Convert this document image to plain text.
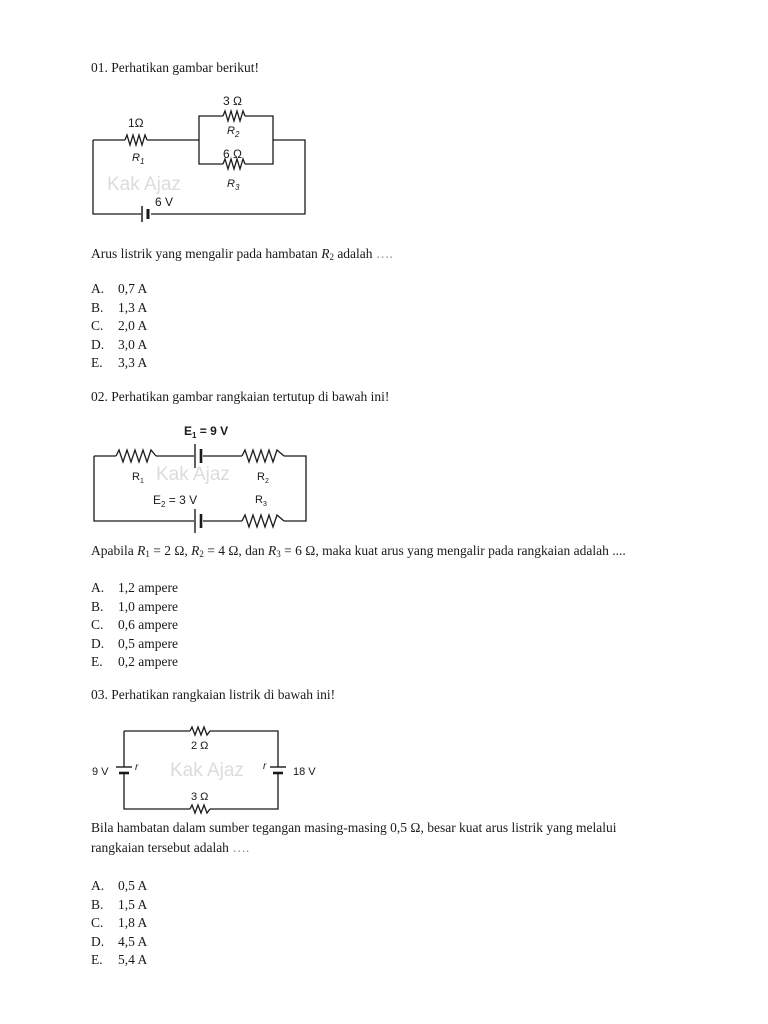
01. Perhatikan gambar berikut!
Kak Ajaz
1Ω
$R_1$
3 Ω
$R_2$
6 Ω
$R_3$
6 V
Arus listrik yang mengalir pada hambatan $R_2$ adalah ….
A. 0,7 A
B. 1,3 A
C. 2,0 A
D. 3,0 A
E. 3,3 A
02. Perhatikan gambar rangkaian tertutup di bawah ini!
Kak Ajaz
$E_1 = 9$ V
$E_2 = 3$ V
$R_1$	$R_2$
$R_3$
Apabila $R_1 = 2$ Ω, $R_2 = 4$ Ω, dan $R_3 = 6$ Ω, maka kuat arus yang mengalir pada rangkaian adalah ....
A. 1,2 ampere
B. 1,0 ampere
C. 0,6 ampere
D. 0,5 ampere
E. 0,2 ampere
03. Perhatikan rangkaian listrik di bawah ini!
Kak Ajaz
2 Ω
3 Ω
9 V	18 V
r	r
Bila hambatan dalam sumber tegangan masing-masing 0,5 Ω, besar kuat arus listrik yang melalui
rangkaian tersebut adalah ….
A. 0,5 A
B. 1,5 A
C. 1,8 A
D. 4,5 A
E. 5,4 A
